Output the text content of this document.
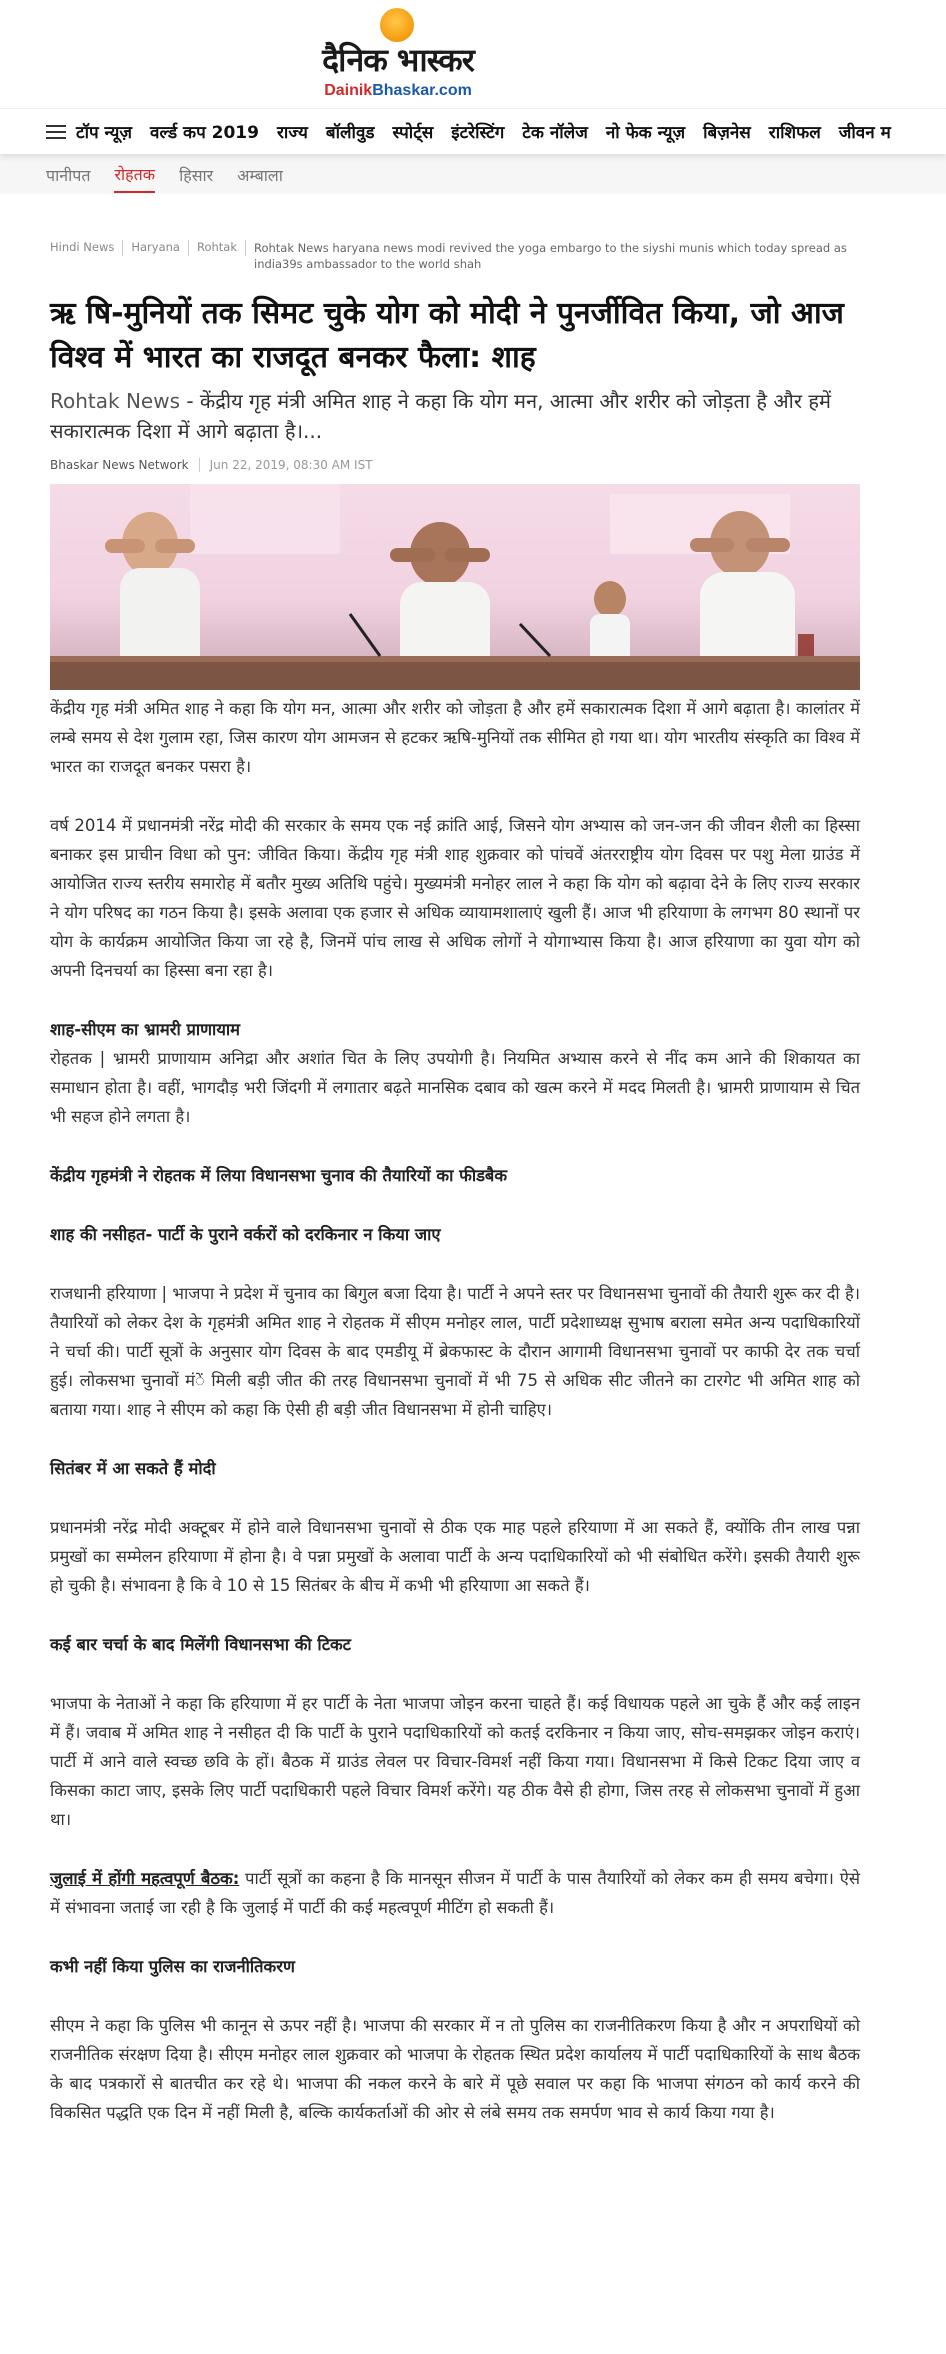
दैनिक भास्कर
DainikBhaskar.com
टॉप न्यूज़ वर्ल्ड कप 2019 राज्य बॉलीवुड स्पोर्ट्स इंटरेस्टिंग टेक नॉलेज नो फेक न्यूज़ बिज़नेस राशिफल जीवन म
पानीपत रोहतक हिसार अम्बाला
Hindi News	Haryana	Rohtak	Rohtak News haryana news modi revived the yoga embargo to the siyshi munis which today spread as india39s ambassador to the world shah
ऋ षि-मुनियों तक सिमट चुके योग को मोदी ने पुनर्जीवित किया, जो आज विश्व में भारत का राजदूत बनकर फैला: शाह
Rohtak News - केंद्रीय गृह मंत्री अमित शाह ने कहा कि योग मन, आत्मा और शरीर को जोड़ता है और हमें सकारात्मक दिशा में आगे बढ़ाता है।...
Bhaskar News Network	Jun 22, 2019, 08:30 AM IST

केंद्रीय गृह मंत्री अमित शाह ने कहा कि योग मन, आत्मा और शरीर को जोड़ता है और हमें सकारात्मक दिशा में आगे बढ़ाता है। कालांतर में लम्बे समय से देश गुलाम रहा, जिस कारण योग आमजन से हटकर ऋषि-मुनियों तक सीमित हो गया था। योग भारतीय संस्कृति का विश्व में भारत का राजदूत बनकर पसरा है।

वर्ष 2014 में प्रधानमंत्री नरेंद्र मोदी की सरकार के समय एक नई क्रांति आई, जिसने योग अभ्यास को जन-जन की जीवन शैली का हिस्सा बनाकर इस प्राचीन विधा को पुन: जीवित किया। केंद्रीय गृह मंत्री शाह शुक्रवार को पांचवें अंतरराष्ट्रीय योग दिवस पर पशु मेला ग्राउंड में आयोजित राज्य स्तरीय समारोह में बतौर मुख्य अतिथि पहुंचे। मुख्यमंत्री मनोहर लाल ने कहा कि योग को बढ़ावा देने के लिए राज्य सरकार ने योग परिषद का गठन किया है। इसके अलावा एक हजार से अधिक व्यायामशालाएं खुली हैं। आज भी हरियाणा के लगभग 80 स्थानों पर योग के कार्यक्रम आयोजित किया जा रहे है, जिनमें पांच लाख से अधिक लोगों ने योगाभ्यास किया है। आज हरियाणा का युवा योग को अपनी दिनचर्या का हिस्सा बना रहा है।

शाह-सीएम का भ्रामरी प्राणायाम

रोहतक | भ्रामरी प्राणायाम अनिद्रा और अशांत चित के लिए उपयोगी है। नियमित अभ्यास करने से नींद कम आने की शिकायत का समाधान होता है। वहीं, भागदौड़ भरी जिंदगी में लगातार बढ़ते मानसिक दबाव को खत्म करने में मदद मिलती है। भ्रामरी प्राणायाम से चित भी सहज होने लगता है।

केंद्रीय गृहमंत्री ने रोहतक में लिया विधानसभा चुनाव की तैयारियों का फीडबैक

शाह की नसीहत- पार्टी के पुराने वर्करों को दरकिनार न किया जाए

राजधानी हरियाणा | भाजपा ने प्रदेश में चुनाव का बिगुल बजा दिया है। पार्टी ने अपने स्तर पर विधानसभा चुनावों की तैयारी शुरू कर दी है। तैयारियों को लेकर देश के गृहमंत्री अमित शाह ने रोहतक में सीएम मनोहर लाल, पार्टी प्रदेशाध्यक्ष सुभाष बराला समेत अन्य पदाधिकारियों ने चर्चा की। पार्टी सूत्रों के अनुसार योग दिवस के बाद एमडीयू में ब्रेकफास्ट के दौरान आगामी विधानसभा चुनावों पर काफी देर तक चर्चा हुई। लोकसभा चुनावों मंें मिली बड़ी जीत की तरह विधानसभा चुनावों में भी 75 से अधिक सीट जीतने का टारगेट भी अमित शाह को बताया गया। शाह ने सीएम को कहा कि ऐसी ही बड़ी जीत विधानसभा में होनी चाहिए।

सितंबर में आ सकते हैं मोदी

प्रधानमंत्री नरेंद्र मोदी अक्टूबर में होने वाले विधानसभा चुनावों से ठीक एक माह पहले हरियाणा में आ सकते हैं, क्योंकि तीन लाख पन्ना प्रमुखों का सम्मेलन हरियाणा में होना है। वे पन्ना प्रमुखों के अलावा पार्टी के अन्य पदाधिकारियों को भी संबोधित करेंगे। इसकी तैयारी शुरू हो चुकी है। संभावना है कि वे 10 से 15 सितंबर के बीच में कभी भी हरियाणा आ सकते हैं।

कई बार चर्चा के बाद मिलेंगी विधानसभा की टिकट

भाजपा के नेताओं ने कहा कि हरियाणा में हर पार्टी के नेता भाजपा जोइन करना चाहते हैं। कई विधायक पहले आ चुके हैं और कई लाइन में हैं। जवाब में अमित शाह ने नसीहत दी कि पार्टी के पुराने पदाधिकारियों को कतई दरकिनार न किया जाए, सोच-समझकर जोइन कराएं। पार्टी में आने वाले स्वच्छ छवि के हों। बैठक में ग्राउंड लेवल पर विचार-विमर्श नहीं किया गया। विधानसभा में किसे टिकट दिया जाए व किसका काटा जाए, इसके लिए पार्टी पदाधिकारी पहले विचार विमर्श करेंगे। यह ठीक वैसे ही होगा, जिस तरह से लोकसभा चुनावों में हुआ था।

जुलाई में होंगी महत्वपूर्ण बैठक: पार्टी सूत्रों का कहना है कि मानसून सीजन में पार्टी के पास तैयारियों को लेकर कम ही समय बचेगा। ऐसे में संभावना जताई जा रही है कि जुलाई में पार्टी की कई महत्वपूर्ण मीटिंग हो सकती हैं।

कभी नहीं किया पुलिस का राजनीतिकरण

सीएम ने कहा कि पुलिस भी कानून से ऊपर नहीं है। भाजपा की सरकार में न तो पुलिस का राजनीतिकरण किया है और न अपराधियों को राजनीतिक संरक्षण दिया है। सीएम मनोहर लाल शुक्रवार को भाजपा के रोहतक स्थित प्रदेश कार्यालय में पार्टी पदाधिकारियों के साथ बैठक के बाद पत्रकारों से बातचीत कर रहे थे। भाजपा की नकल करने के बारे में पूछे सवाल पर कहा कि भाजपा संगठन को कार्य करने की विकसित पद्धति एक दिन में नहीं मिली है, बल्कि कार्यकर्ताओं की ओर से लंबे समय तक समर्पण भाव से कार्य किया गया है।
